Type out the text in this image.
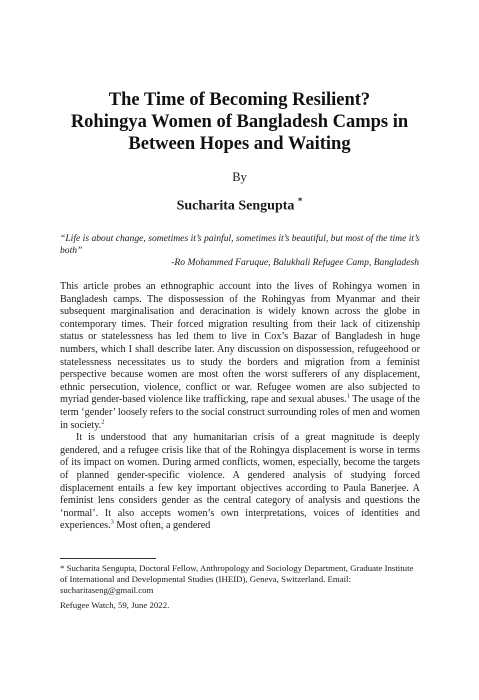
The Time of Becoming Resilient?
Rohingya Women of Bangladesh Camps in
Between Hopes and Waiting
By
Sucharita Sengupta *
“Life is about change, sometimes it’s painful, sometimes it’s beautiful, but most of the time it’s both”
-Ro Mohammed Faruque, Balukhali Refugee Camp, Bangladesh

This article probes an ethnographic account into the lives of Rohingya women in Bangladesh camps. The dispossession of the Rohingyas from Myanmar and their subsequent marginalisation and deracination is widely known across the globe in contemporary times. Their forced migration resulting from their lack of citizenship status or statelessness has led them to live in Cox’s Bazar of Bangladesh in huge numbers, which I shall describe later. Any discussion on dispossession, refugeehood or statelessness necessitates us to study the borders and migration from a feminist perspective because women are most often the worst sufferers of any displacement, ethnic persecution, violence, conflict or war. Refugee women are also subjected to myriad gender-based violence like trafficking, rape and sexual abuses.$^1$ The usage of the term ‘gender’ loosely refers to the social construct surrounding roles of men and women in society.$^2$

It is understood that any humanitarian crisis of a great magnitude is deeply gendered, and a refugee crisis like that of the Rohingya displacement is worse in terms of its impact on women. During armed conflicts, women, especially, become the targets of planned gender-specific violence. A gendered analysis of studying forced displacement entails a few key important objectives according to Paula Banerjee. A feminist lens considers gender as the central category of analysis and questions the ‘normal’. It also accepts women’s own interpretations, voices of identities and experiences.$^3$ Most often, a gendered

* Sucharita Sengupta, Doctoral Fellow, Anthropology and Sociology Department, Graduate Institute of International and Developmental Studies (IHEID), Geneva, Switzerland. Email: sucharitaseng@gmail.com
Refugee Watch, 59, June 2022.
